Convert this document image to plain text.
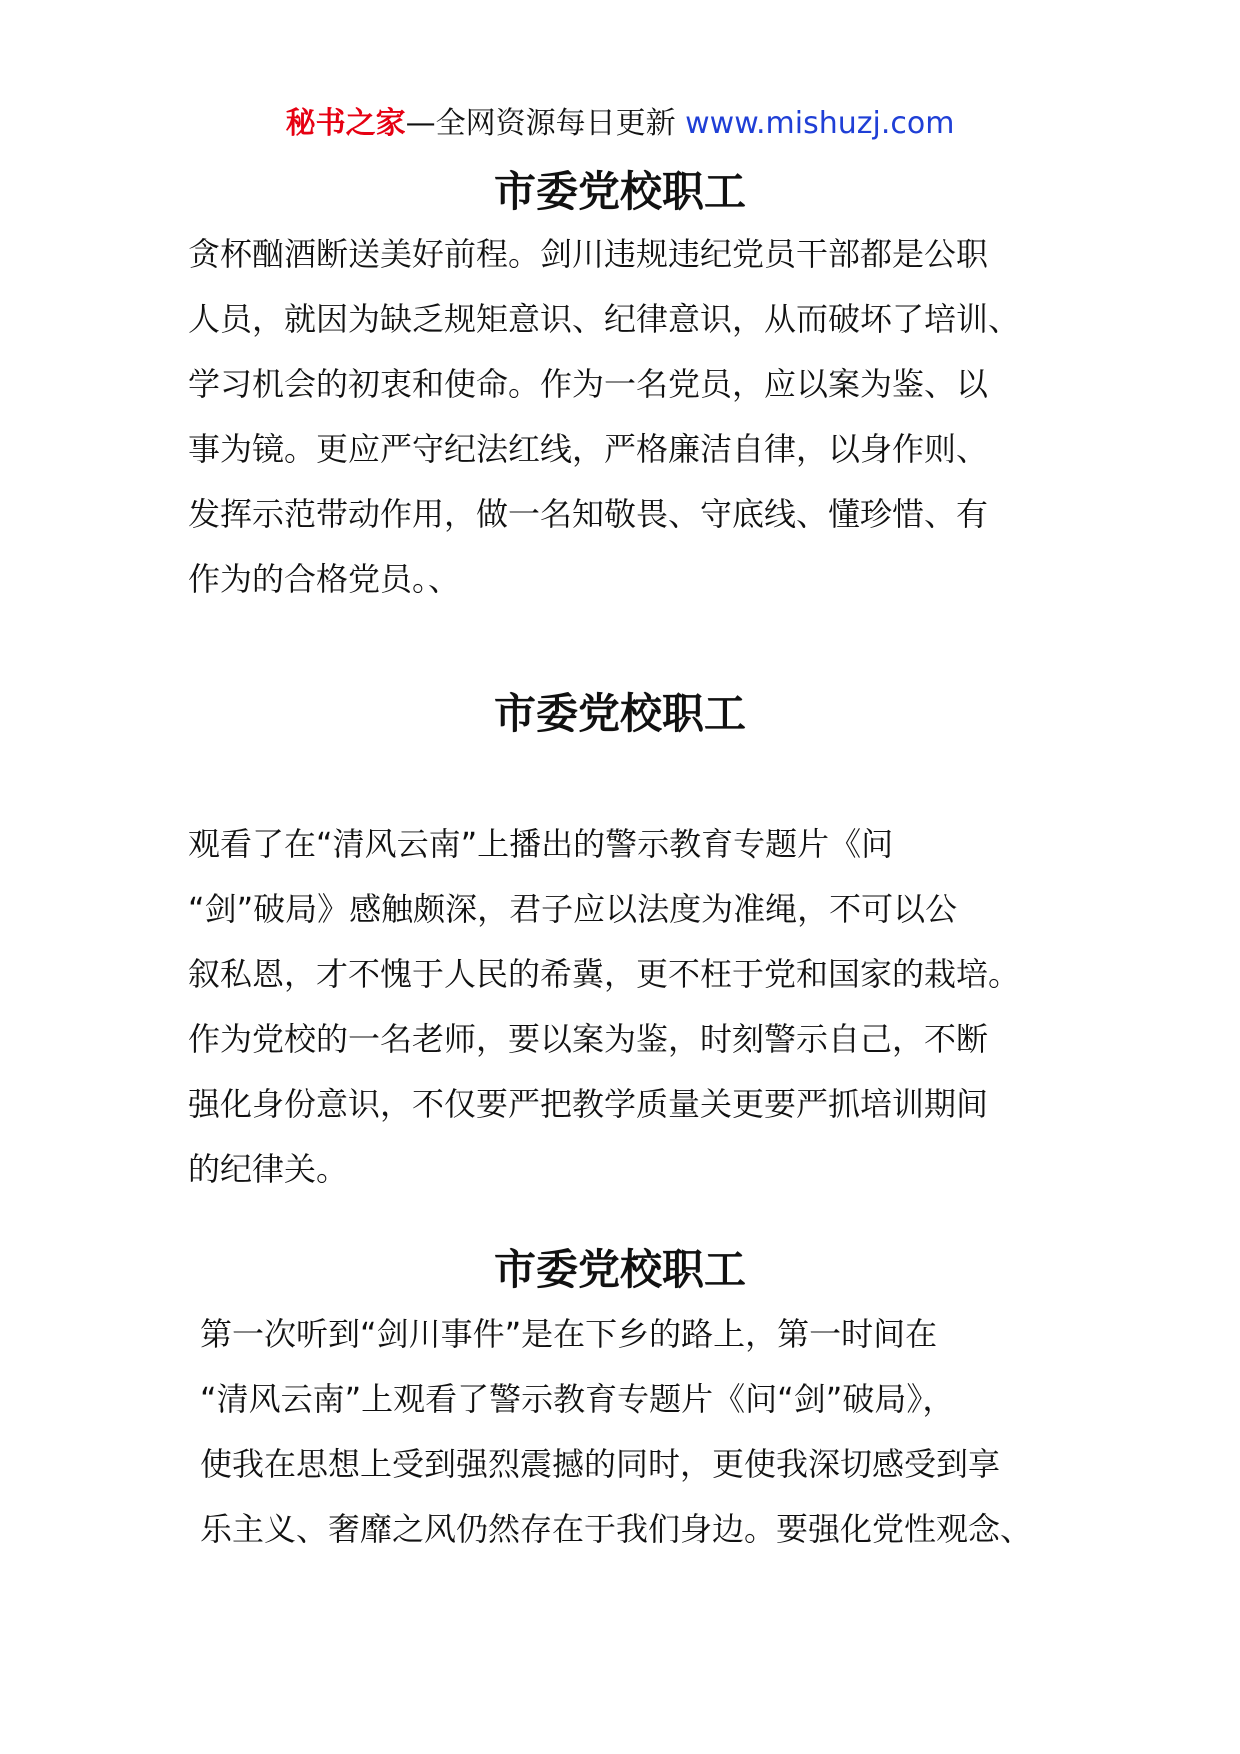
秘书之家—全网资源每日更新 www.mishuzj.com
市委党校职工
贪杯酗酒断送美好前程。剑川违规违纪党员干部都是公职
人员，就因为缺乏规矩意识、纪律意识，从而破坏了培训、
学习机会的初衷和使命。作为一名党员，应以案为鉴、以
事为镜。更应严守纪法红线，严格廉洁自律，以身作则、
发挥示范带动作用，做一名知敬畏、守底线、懂珍惜、有
作为的合格党员。、
市委党校职工
观看了在“清风云南”上播出的警示教育专题片《问
“剑”破局》感触颇深，君子应以法度为准绳，不可以公
叙私恩，才不愧于人民的希冀，更不枉于党和国家的栽培。
作为党校的一名老师，要以案为鉴，时刻警示自己，不断
强化身份意识，不仅要严把教学质量关更要严抓培训期间
的纪律关。
市委党校职工
第一次听到“剑川事件”是在下乡的路上，第一时间在
“清风云南”上观看了警示教育专题片《问“剑”破局》，
使我在思想上受到强烈震撼的同时，更使我深切感受到享
乐主义、奢靡之风仍然存在于我们身边。要强化党性观念、
